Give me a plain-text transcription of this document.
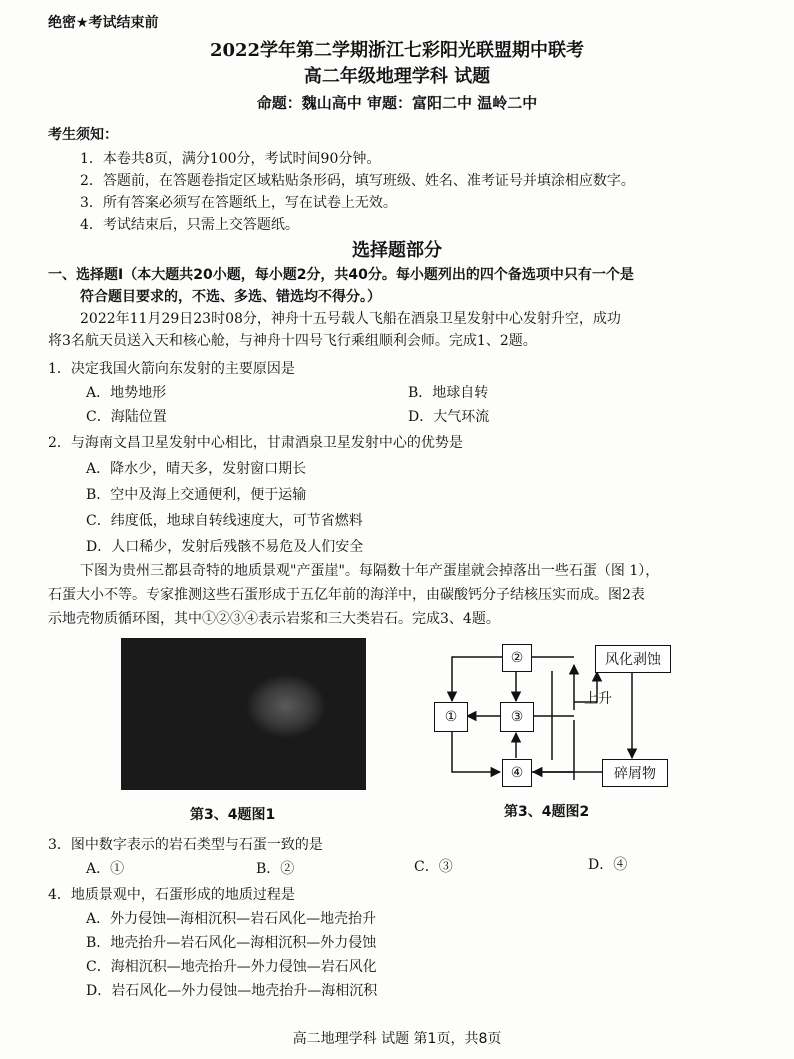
绝密★考试结束前
2022学年第二学期浙江七彩阳光联盟期中联考
高二年级地理学科 试题
命题：魏山高中 审题：富阳二中 温岭二中
考生须知：
1．本卷共8页，满分100分，考试时间90分钟。
2．答题前，在答题卷指定区域粘贴条形码，填写班级、姓名、准考证号并填涂相应数字。
3．所有答案必须写在答题纸上，写在试卷上无效。
4．考试结束后，只需上交答题纸。
选择题部分
一、选择题Ⅰ（本大题共20小题，每小题2分，共40分。每小题列出的四个备选项中只有一个是
符合题目要求的，不选、多选、错选均不得分。）
2022年11月29日23时08分，神舟十五号载人飞船在酒泉卫星发射中心发射升空，成功
将3名航天员送入天和核心舱，与神舟十四号飞行乘组顺利会师。完成1、2题。
1．决定我国火箭向东发射的主要原因是
A．地势地形	B．地球自转
C．海陆位置	D．大气环流
2．与海南文昌卫星发射中心相比，甘肃酒泉卫星发射中心的优势是
A．降水少，晴天多，发射窗口期长
B．空中及海上交通便利，便于运输
C．纬度低，地球自转线速度大，可节省燃料
D．人口稀少，发射后残骸不易危及人们安全
下图为贵州三都县奇特的地质景观"产蛋崖"。每隔数十年产蛋崖就会掉落出一些石蛋（图 1），
石蛋大小不等。专家推测这些石蛋形成于五亿年前的海洋中，由碳酸钙分子结核压实而成。图2表
示地壳物质循环图，其中①②③④表示岩浆和三大类岩石。完成3、4题。
第3、4题图1
②
①	③
④
风化剥蚀
碎屑物
上升
第3、4题图2
3．图中数字表示的岩石类型与石蛋一致的是
A．①	B．②	C．③	D．④
4．地质景观中，石蛋形成的地质过程是
A．外力侵蚀—海相沉积—岩石风化—地壳抬升
B．地壳抬升—岩石风化—海相沉积—外力侵蚀
C．海相沉积—地壳抬升—外力侵蚀—岩石风化
D．岩石风化—外力侵蚀—地壳抬升—海相沉积
高二地理学科 试题 第1页，共8页
